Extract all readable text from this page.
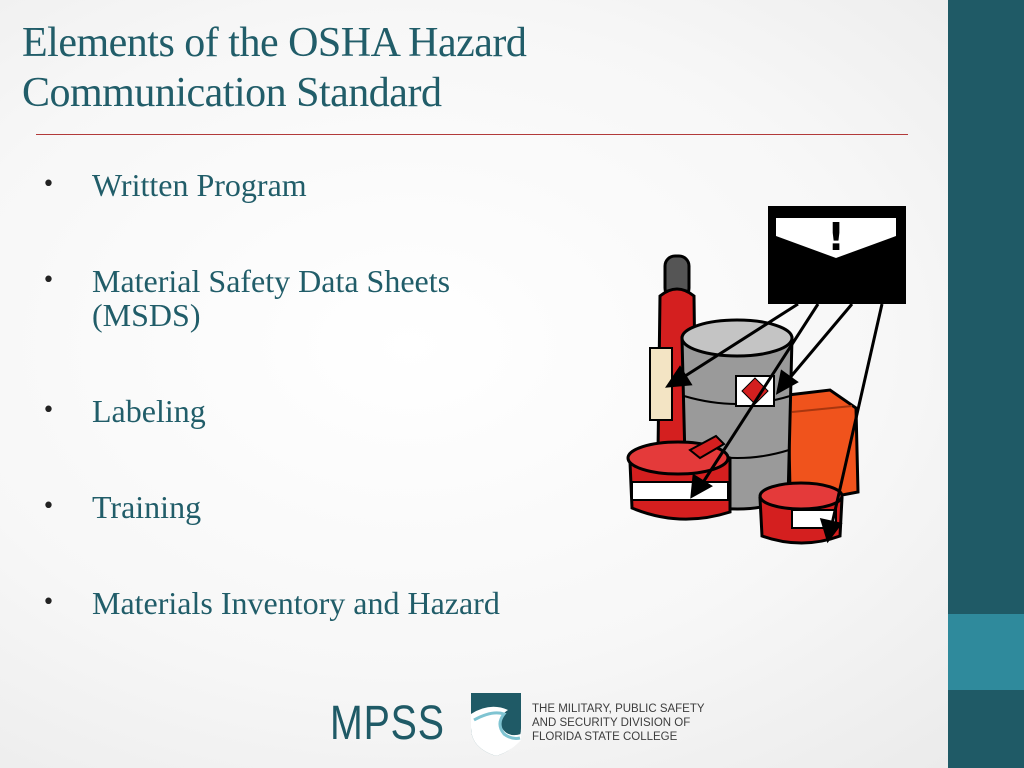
Elements of the OSHA Hazard
Communication Standard
• Written Program
• Material Safety Data Sheets
(MSDS)
• Labeling
• Training
• Materials Inventory and Hazard
!
MPSS	THE MILITARY, PUBLIC SAFETY
AND SECURITY DIVISION OF
FLORIDA STATE COLLEGE
